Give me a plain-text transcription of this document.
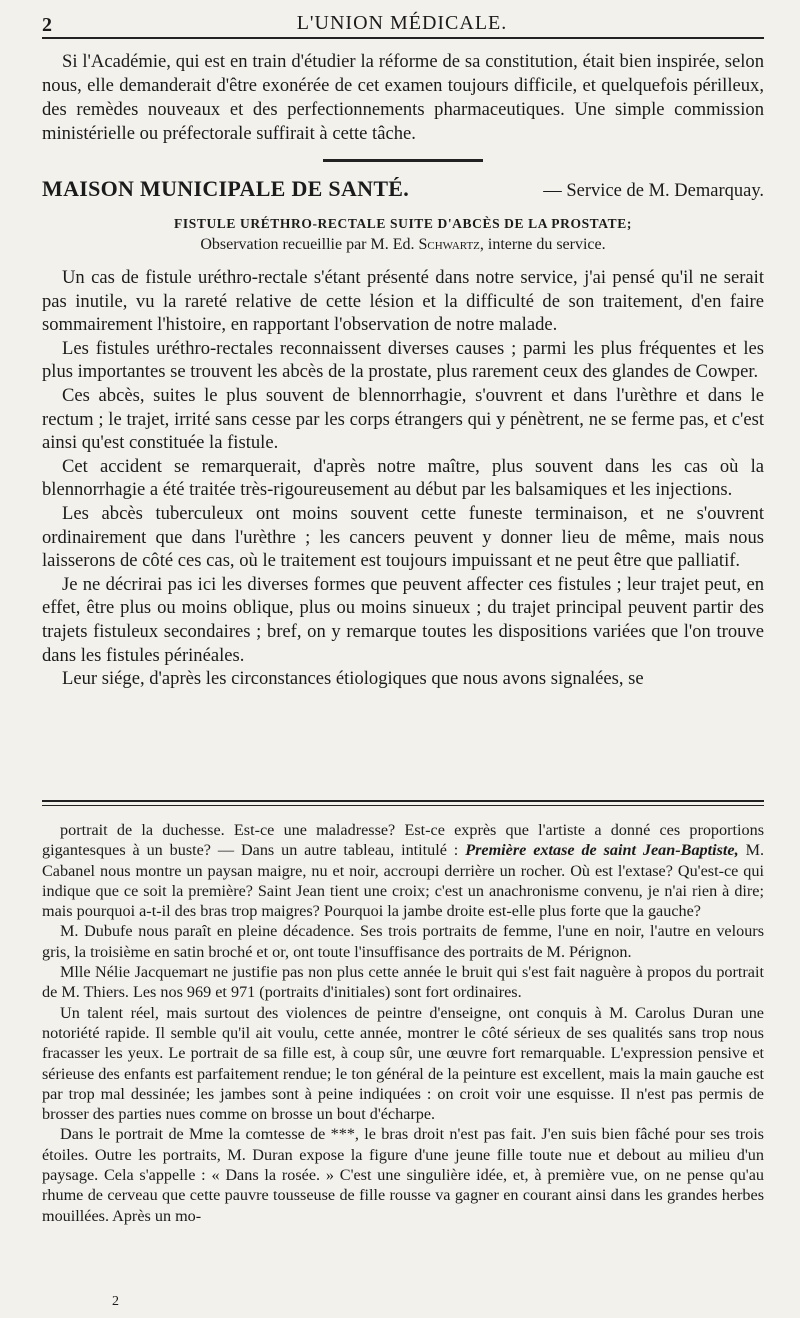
2	L'UNION MÉDICALE.

Si l'Académie, qui est en train d'étudier la réforme de sa constitution, était bien inspirée, selon nous, elle demanderait d'être exonérée de cet examen toujours difficile, et quelquefois périlleux, des remèdes nouveaux et des perfectionnements pharmaceutiques. Une simple commission ministérielle ou préfectorale suffirait à cette tâche.

MAISON MUNICIPALE DE SANTÉ.	— Service de M. Demarquay.
FISTULE URÉTHRO-RECTALE SUITE D'ABCÈS DE LA PROSTATE;
Observation recueillie par M. Ed. Schwartz, interne du service.

Un cas de fistule uréthro-rectale s'étant présenté dans notre service, j'ai pensé qu'il ne serait pas inutile, vu la rareté relative de cette lésion et la difficulté de son traitement, d'en faire sommairement l'histoire, en rapportant l'observation de notre malade.

Les fistules uréthro-rectales reconnaissent diverses causes ; parmi les plus fréquentes et les plus importantes se trouvent les abcès de la prostate, plus rarement ceux des glandes de Cowper.

Ces abcès, suites le plus souvent de blennorrhagie, s'ouvrent et dans l'urèthre et dans le rectum ; le trajet, irrité sans cesse par les corps étrangers qui y pénètrent, ne se ferme pas, et c'est ainsi qu'est constituée la fistule.

Cet accident se remarquerait, d'après notre maître, plus souvent dans les cas où la blennorrhagie a été traitée très-rigoureusement au début par les balsamiques et les injections.

Les abcès tuberculeux ont moins souvent cette funeste terminaison, et ne s'ouvrent ordinairement que dans l'urèthre ; les cancers peuvent y donner lieu de même, mais nous laisserons de côté ces cas, où le traitement est toujours impuissant et ne peut être que palliatif.

Je ne décrirai pas ici les diverses formes que peuvent affecter ces fistules ; leur trajet peut, en effet, être plus ou moins oblique, plus ou moins sinueux ; du trajet principal peuvent partir des trajets fistuleux secondaires ; bref, on y remarque toutes les dispositions variées que l'on trouve dans les fistules périnéales.

Leur siége, d'après les circonstances étiologiques que nous avons signalées, se

portrait de la duchesse. Est-ce une maladresse? Est-ce exprès que l'artiste a donné ces proportions gigantesques à un buste? — Dans un autre tableau, intitulé : Première extase de saint Jean-Baptiste, M. Cabanel nous montre un paysan maigre, nu et noir, accroupi derrière un rocher. Où est l'extase? Qu'est-ce qui indique que ce soit la première? Saint Jean tient une croix; c'est un anachronisme convenu, je n'ai rien à dire; mais pourquoi a-t-il des bras trop maigres? Pourquoi la jambe droite est-elle plus forte que la gauche?

M. Dubufe nous paraît en pleine décadence. Ses trois portraits de femme, l'une en noir, l'autre en velours gris, la troisième en satin broché et or, ont toute l'insuffisance des portraits de M. Pérignon.

Mlle Nélie Jacquemart ne justifie pas non plus cette année le bruit qui s'est fait naguère à propos du portrait de M. Thiers. Les nos 969 et 971 (portraits d'initiales) sont fort ordinaires.

Un talent réel, mais surtout des violences de peintre d'enseigne, ont conquis à M. Carolus Duran une notoriété rapide. Il semble qu'il ait voulu, cette année, montrer le côté sérieux de ses qualités sans trop nous fracasser les yeux. Le portrait de sa fille est, à coup sûr, une œuvre fort remarquable. L'expression pensive et sérieuse des enfants est parfaitement rendue; le ton général de la peinture est excellent, mais la main gauche est par trop mal dessinée; les jambes sont à peine indiquées : on croit voir une esquisse. Il n'est pas permis de brosser des parties nues comme on brosse un bout d'écharpe.

Dans le portrait de Mme la comtesse de ***, le bras droit n'est pas fait. J'en suis bien fâché pour ses trois étoiles. Outre les portraits, M. Duran expose la figure d'une jeune fille toute nue et debout au milieu d'un paysage. Cela s'appelle : « Dans la rosée. » C'est une singulière idée, et, à première vue, on ne pense qu'au rhume de cerveau que cette pauvre tousseuse de fille rousse va gagner en courant ainsi dans les grandes herbes mouillées. Après un mo-

2
